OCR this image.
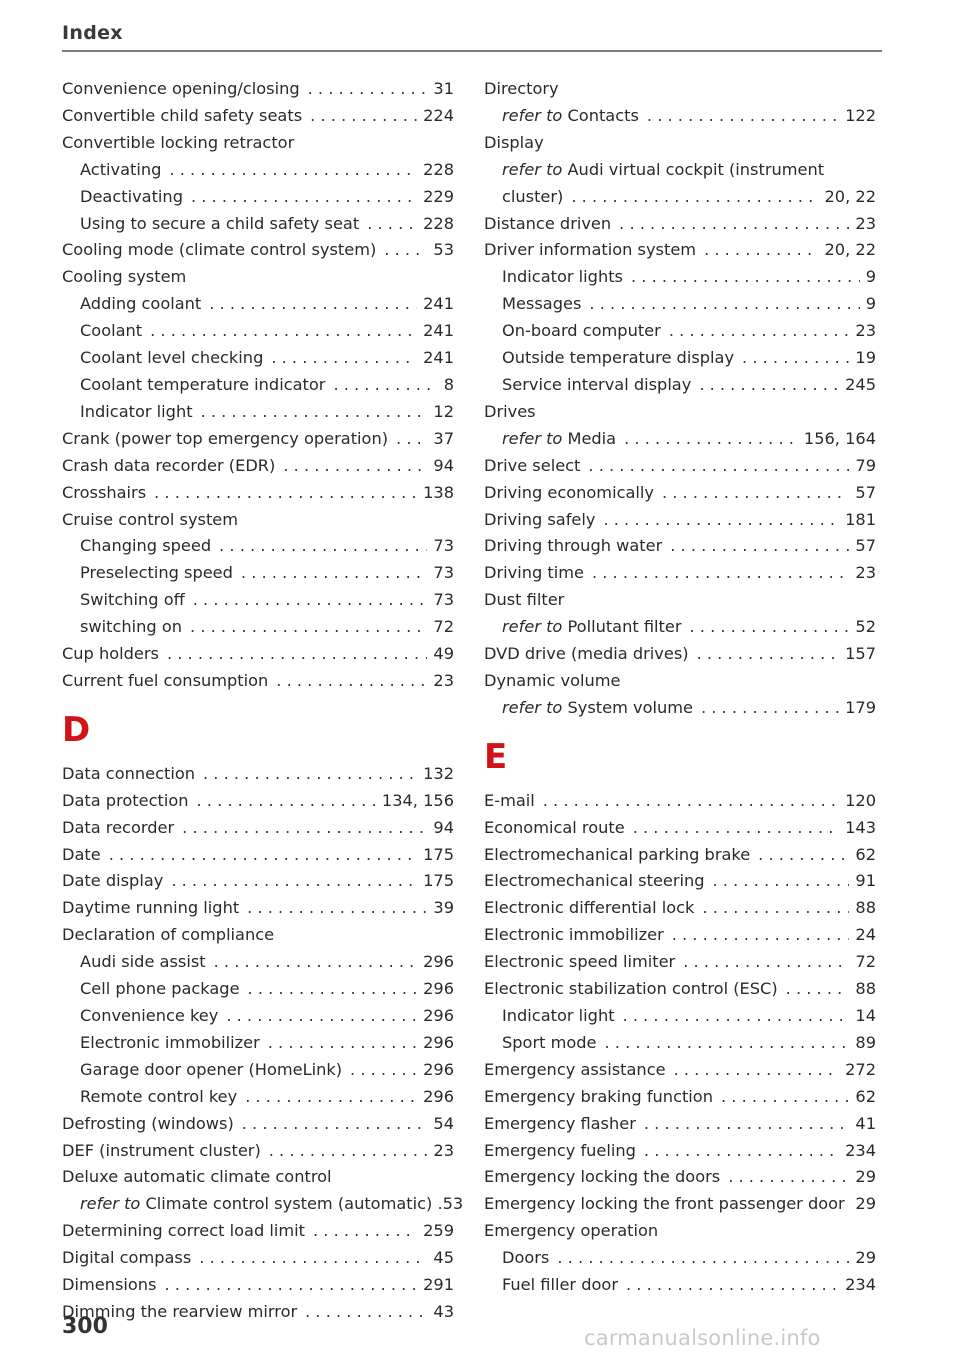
Index
Convenience opening/closing . . .	31
Convertible child safety seats . . .	224
Convertible locking retractor
Activating . . .	228
Deactivating . . .	229
Using to secure a child safety seat . . .	228
Cooling mode (climate control system) . . .	53
Cooling system
Adding coolant . . .	241
Coolant . . .	241
Coolant level checking . . .	241
Coolant temperature indicator . . .	8
Indicator light . . .	12
Crank (power top emergency operation) . . .	37
Crash data recorder (EDR) . . .	94
Crosshairs . . .	138
Cruise control system
Changing speed . . .	73
Preselecting speed . . .	73
Switching off . . .	73
switching on . . .	72
Cup holders . . .	49
Current fuel consumption . . .	23
D
Data connection . . .	132
Data protection . . .	134, 156
Data recorder . . .	94
Date . . .	175
Date display . . .	175
Daytime running light . . .	39
Declaration of compliance
Audi side assist . . .	296
Cell phone package . . .	296
Convenience key . . .	296
Electronic immobilizer . . .	296
Garage door opener (HomeLink) . . .	296
Remote control key . . .	296
Defrosting (windows) . . .	54
DEF (instrument cluster) . . .	23
Deluxe automatic climate control
refer to Climate control system (automatic) .53
Determining correct load limit . . .	259
Digital compass . . .	45
Dimensions . . .	291
Dimming the rearview mirror . . .	43
Directory
refer to Contacts . . .	122
Display
refer to Audi virtual cockpit (instrument
cluster) . . .	20, 22
Distance driven . . .	23
Driver information system . . .	20, 22
Indicator lights . . .	9
Messages . . .	9
On-board computer . . .	23
Outside temperature display . . .	19
Service interval display . . .	245
Drives
refer to Media . . .	156, 164
Drive select . . .	79
Driving economically . . .	57
Driving safely . . .	181
Driving through water . . .	57
Driving time . . .	23
Dust filter
refer to Pollutant filter . . .	52
DVD drive (media drives) . . .	157
Dynamic volume
refer to System volume . . .	179
E
E-mail . . .	120
Economical route . . .	143
Electromechanical parking brake . . .	62
Electromechanical steering . . .	91
Electronic differential lock . . .	88
Electronic immobilizer . . .	24
Electronic speed limiter . . .	72
Electronic stabilization control (ESC) . . .	88
Indicator light . . .	14
Sport mode . . .	89
Emergency assistance . . .	272
Emergency braking function . . .	62
Emergency flasher . . .	41
Emergency fueling . . .	234
Emergency locking the doors . . .	29
Emergency locking the front passenger door 29
Emergency operation
Doors . . .	29
Fuel filler door . . .	234
300	carmanualsonline.info
